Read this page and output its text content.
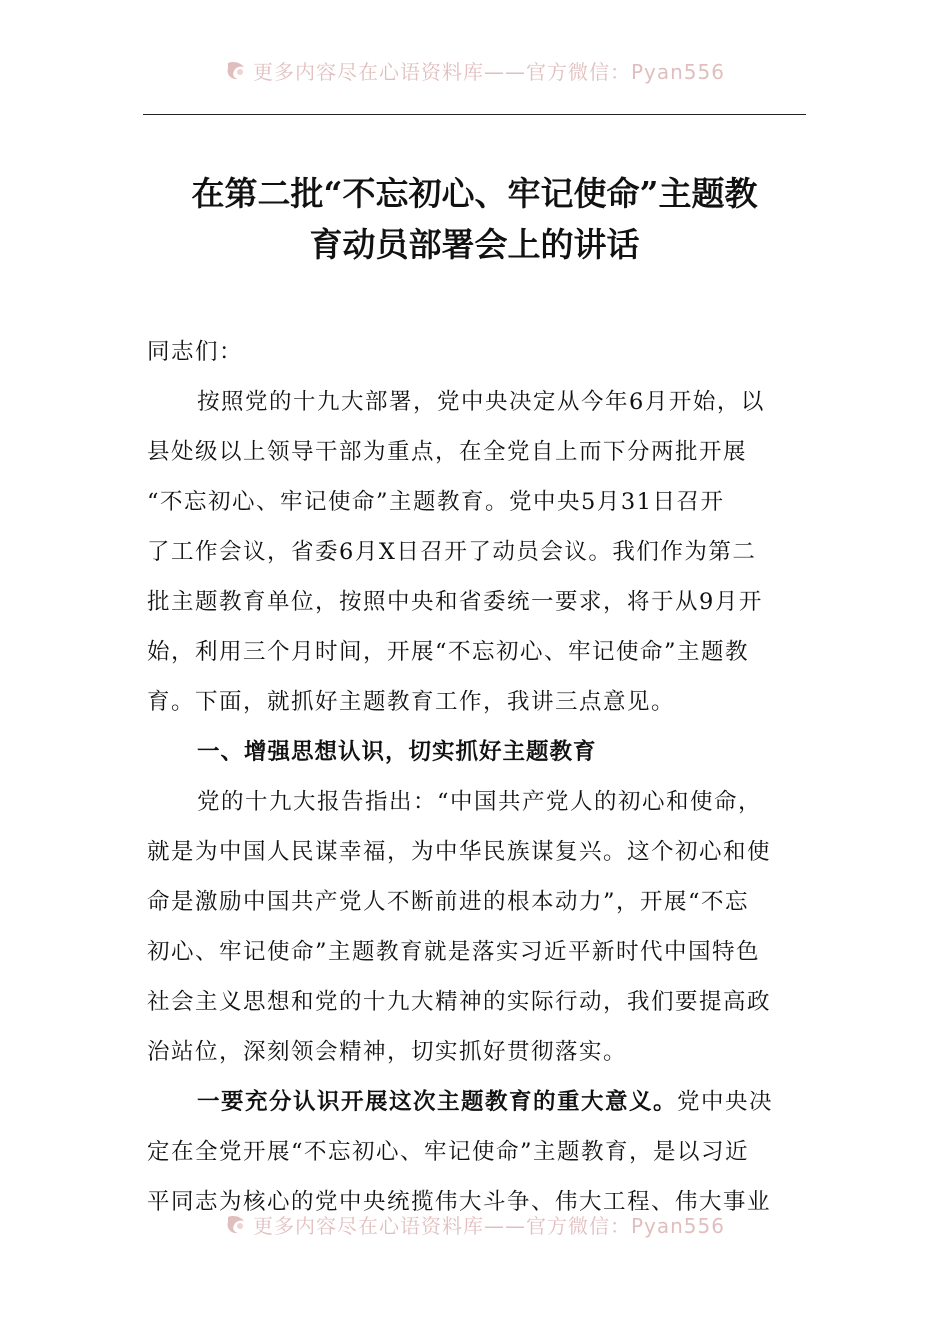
更多内容尽在心语资料库——官方微信：Pyan556
在第二批“不忘初心、牢记使命”主题教
育动员部署会上的讲话
同志们：
按照党的十九大部署，党中央决定从今年6月开始，以
县处级以上领导干部为重点，在全党自上而下分两批开展
“不忘初心、牢记使命”主题教育。党中央5月31日召开
了工作会议，省委6月X日召开了动员会议。我们作为第二
批主题教育单位，按照中央和省委统一要求，将于从9月开
始，利用三个月时间，开展“不忘初心、牢记使命”主题教
育。下面，就抓好主题教育工作，我讲三点意见。
一、增强思想认识，切实抓好主题教育
党的十九大报告指出：“中国共产党人的初心和使命，
就是为中国人民谋幸福，为中华民族谋复兴。这个初心和使
命是激励中国共产党人不断前进的根本动力”，开展“不忘
初心、牢记使命”主题教育就是落实习近平新时代中国特色
社会主义思想和党的十九大精神的实际行动，我们要提高政
治站位，深刻领会精神，切实抓好贯彻落实。
一要充分认识开展这次主题教育的重大意义。党中央决
定在全党开展“不忘初心、牢记使命”主题教育，是以习近
平同志为核心的党中央统揽伟大斗争、伟大工程、伟大事业
更多内容尽在心语资料库——官方微信：Pyan556
